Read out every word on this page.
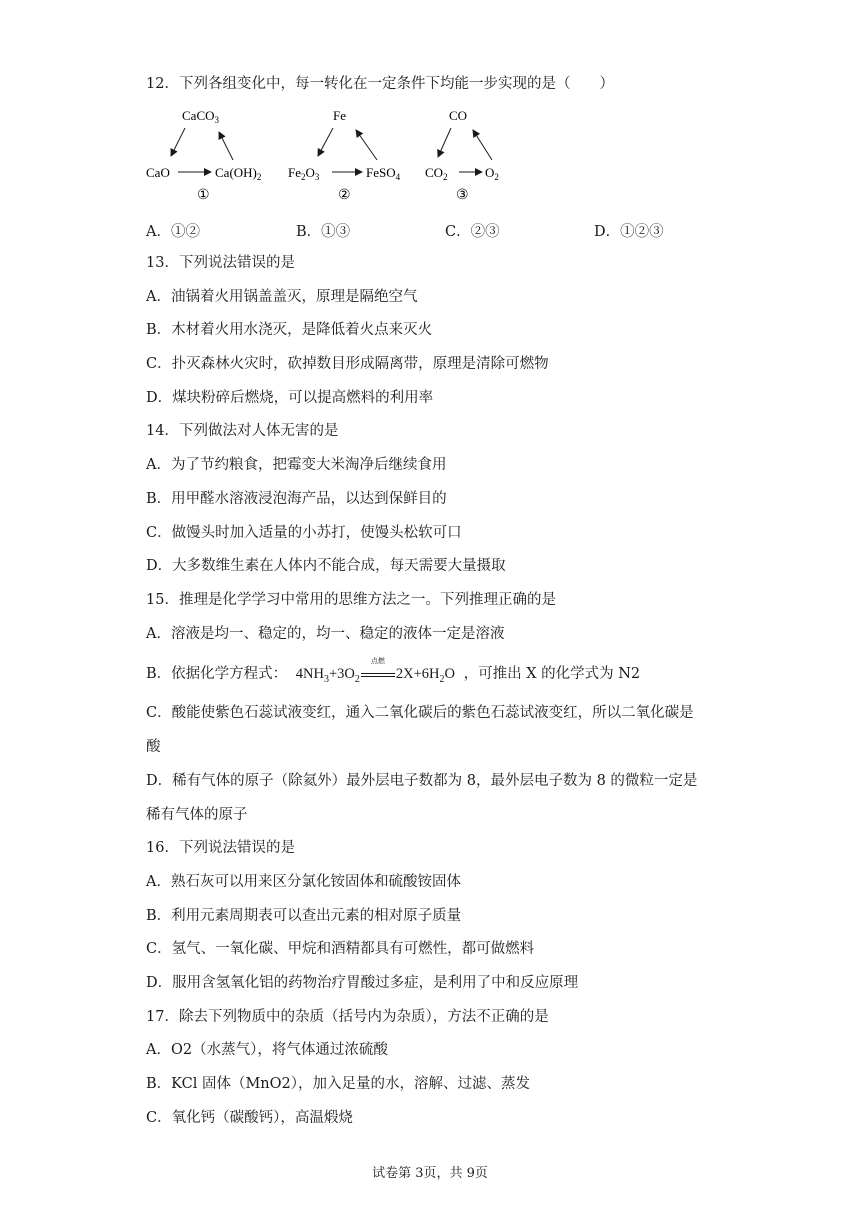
12．下列各组变化中，每一转化在一定条件下均能一步实现的是（　　）
CaCO$_3$
CaO	$Ca(OH)_2$
①
Fe
$Fe_2O_3$	FeSO$_4$
②
CO
$CO_2$	$O_2$
③
A．①②	B．①③	C．②③	D．①②③
13．下列说法错误的是
A．油锅着火用锅盖盖灭，原理是隔绝空气
B．木材着火用水浇灭，是降低着火点来灭火
C．扑灭森林火灾时，砍掉数目形成隔离带，原理是清除可燃物
D．煤块粉碎后燃烧，可以提高燃料的利用率
14．下列做法对人体无害的是
A．为了节约粮食，把霉变大米淘净后继续食用
B．用甲醛水溶液浸泡海产品，以达到保鲜目的
C．做馒头时加入适量的小苏打，使馒头松软可口
D．大多数维生素在人体内不能合成，每天需要大量摄取
15．推理是化学学习中常用的思维方法之一。下列推理正确的是
A．溶液是均一、稳定的，均一、稳定的液体一定是溶液
B．依据化学方程式： $4NH_3+3O_2$
点燃
$2X+6H_2O$ ，可推出 X 的化学式为 N2
C．酸能使紫色石蕊试液变红，通入二氧化碳后的紫色石蕊试液变红，所以二氧化碳是
酸
D．稀有气体的原子（除氦外）最外层电子数都为 8，最外层电子数为 8 的微粒一定是
稀有气体的原子
16．下列说法错误的是
A．熟石灰可以用来区分氯化铵固体和硫酸铵固体
B．利用元素周期表可以查出元素的相对原子质量
C．氢气、一氧化碳、甲烷和酒精都具有可燃性，都可做燃料
D．服用含氢氧化铝的药物治疗胃酸过多症，是利用了中和反应原理
17．除去下列物质中的杂质（括号内为杂质），方法不正确的是
A．O2（水蒸气），将气体通过浓硫酸
B．KCl 固体（MnO2），加入足量的水，溶解、过滤、蒸发
C．氧化钙（碳酸钙），高温煅烧
试卷第 3页，共 9页
